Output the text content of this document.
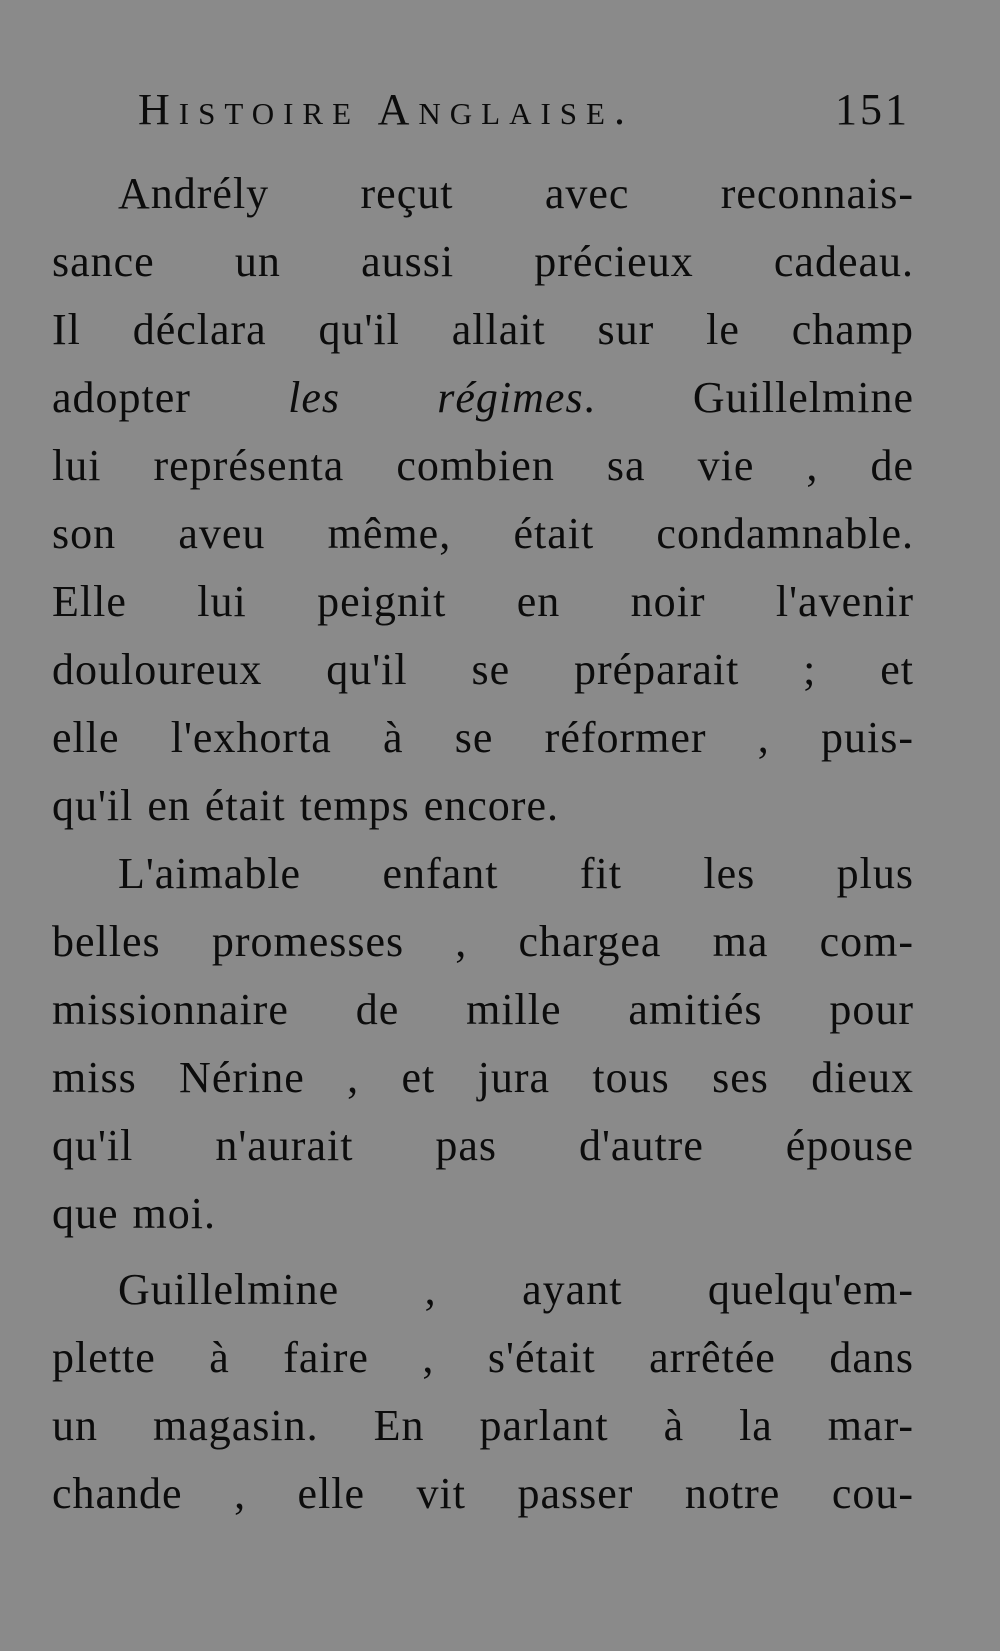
Histoire Anglaise.	151
Andrély reçut avec reconnais-
sance un aussi précieux cadeau.
Il déclara qu'il allait sur le champ
adopter les régimes. Guillelmine
lui représenta combien sa vie , de
son aveu même, était condamnable.
Elle lui peignit en noir l'avenir
douloureux qu'il se préparait ; et
elle l'exhorta à se réformer , puis-
qu'il en était temps encore.
L'aimable enfant fit les plus
belles promesses , chargea ma com-
missionnaire de mille amitiés pour
miss Nérine , et jura tous ses dieux
qu'il n'aurait pas d'autre épouse
que moi.
Guillelmine , ayant quelqu'em-
plette à faire , s'était arrêtée dans
un magasin. En parlant à la mar-
chande , elle vit passer notre cou-
